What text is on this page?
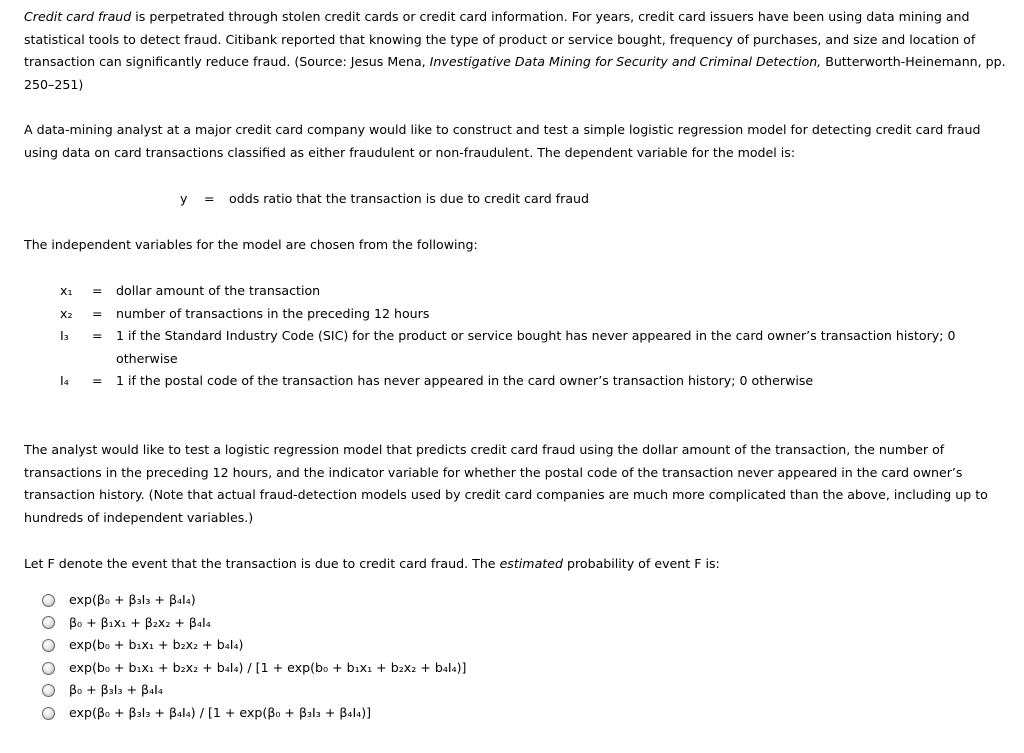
Credit card fraud is perpetrated through stolen credit cards or credit card information. For years, credit card issuers have been using data mining and statistical tools to detect fraud. Citibank reported that knowing the type of product or service bought, frequency of purchases, and size and location of transaction can significantly reduce fraud. (Source: Jesus Mena, Investigative Data Mining for Security and Criminal Detection, Butterworth-Heinemann, pp. 250–251)
A data-mining analyst at a major credit card company would like to construct and test a simple logistic regression model for detecting credit card fraud using data on card transactions classified as either fraudulent or non-fraudulent. The dependent variable for the model is:
y = odds ratio that the transaction is due to credit card fraud
The independent variables for the model are chosen from the following:
x₁	=	dollar amount of the transaction
x₂	=	number of transactions in the preceding 12 hours
I₃	=	1 if the Standard Industry Code (SIC) for the product or service bought has never appeared in the card owner’s transaction history; 0 otherwise
I₄	=	1 if the postal code of the transaction has never appeared in the card owner’s transaction history; 0 otherwise
The analyst would like to test a logistic regression model that predicts credit card fraud using the dollar amount of the transaction, the number of transactions in the preceding 12 hours, and the indicator variable for whether the postal code of the transaction never appeared in the card owner’s transaction history. (Note that actual fraud-detection models used by credit card companies are much more complicated than the above, including up to hundreds of independent variables.)
Let F denote the event that the transaction is due to credit card fraud. The estimated probability of event F is:
exp(β₀ + β₃I₃ + β₄I₄)
β₀ + β₁x₁ + β₂x₂ + β₄I₄
exp(b₀ + b₁x₁ + b₂x₂ + b₄I₄)
exp(b₀ + b₁x₁ + b₂x₂ + b₄I₄) / [1 + exp(b₀ + b₁x₁ + b₂x₂ + b₄I₄)]
β₀ + β₃I₃ + β₄I₄
exp(β₀ + β₃I₃ + β₄I₄) / [1 + exp(β₀ + β₃I₃ + β₄I₄)]
